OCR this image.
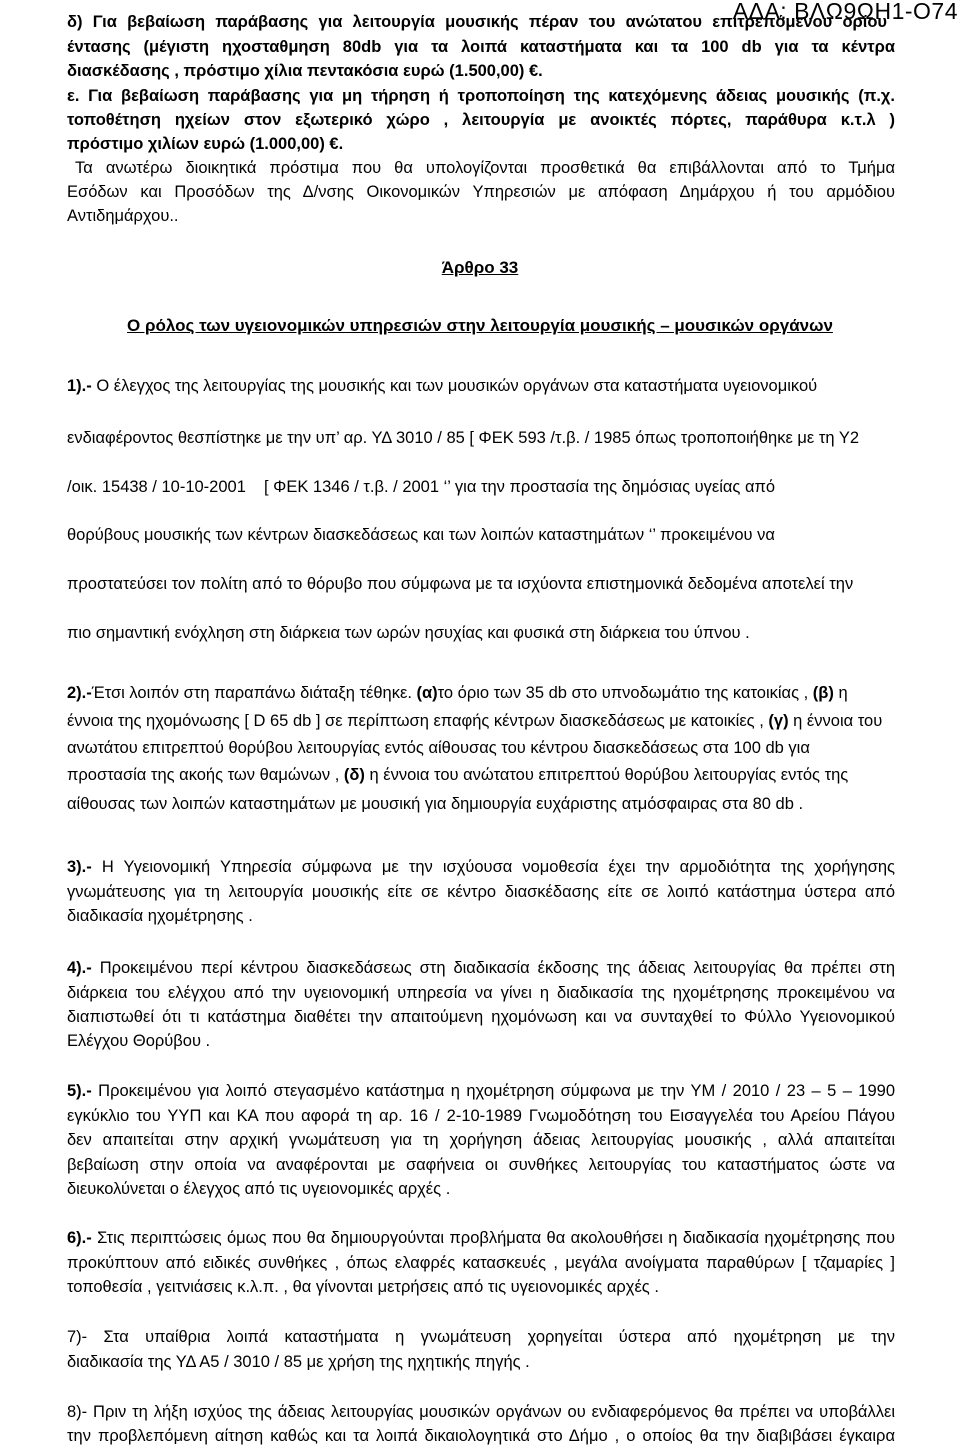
ΑΔΑ: ΒΛΩ9ΩΗ1-Ο74
δ) Για βεβαίωση παράβασης για λειτουργία μουσικής πέραν του ανώτατου επιτρεπόμενου ορίου
έντασης (μέγιστη ηχοσταθμηση 80db για τα λοιπά καταστήματα και τα 100 db για τα κέντρα
διασκέδασης , πρόστιμο χίλια πεντακόσια ευρώ (1.500,00) €.
ε. Για βεβαίωση παράβασης για μη τήρηση ή τροποποίηση της κατεχόμενης άδειας μουσικής (π.χ.
τοποθέτηση ηχείων στον εξωτερικό χώρο , λειτουργία με ανοικτές πόρτες, παράθυρα κ.τ.λ )
πρόστιμο χιλίων ευρώ (1.000,00) €.
Τα ανωτέρω διοικητικά πρόστιμα που θα υπολογίζονται προσθετικά θα επιβάλλονται από το Τμήμα
Εσόδων και Προσόδων της Δ/νσης Οικονομικών Υπηρεσιών με απόφαση Δημάρχου ή του αρμόδιου
Αντιδημάρχου..
Άρθρο 33
Ο ρόλος των υγειονομικών υπηρεσιών στην λειτουργία μουσικής – μουσικών οργάνων
1).- Ο έλεγχος της λειτουργίας της μουσικής και των μουσικών οργάνων στα καταστήματα υγειονομικού
ενδιαφέροντος θεσπίστηκε με την υπ’ αρ. ΥΔ 3010 / 85 [ ΦΕΚ 593 /τ.β. / 1985 όπως τροποποιήθηκε με τη Υ2
/οικ. 15438 / 10-10-2001	[ ΦΕΚ 1346 / τ.β. / 2001 ‘’ για την προστασία της δημόσιας υγείας από
θορύβους μουσικής των κέντρων διασκεδάσεως και των λοιπών καταστημάτων ‘’ προκειμένου να
προστατεύσει τον πολίτη από το θόρυβο που σύμφωνα με τα ισχύοντα επιστημονικά δεδομένα αποτελεί την
πιο σημαντική ενόχληση στη διάρκεια των ωρών ησυχίας και φυσικά στη διάρκεια του ύπνου .
2).-Έτσι λοιπόν στη παραπάνω διάταξη τέθηκε. (α)το όριο των 35 db στο υπνοδωμάτιο της κατοικίας , (β) η
έννοια της ηχομόνωσης [ D 65 db ] σε περίπτωση επαφής κέντρων διασκεδάσεως με κατοικίες , (γ) η έννοια του
ανωτάτου επιτρεπτού θορύβου λειτουργίας εντός αίθουσας του κέντρου διασκεδάσεως στα 100 db για
προστασία της ακοής των θαμώνων , (δ) η έννοια του ανώτατου επιτρεπτού θορύβου λειτουργίας εντός της
αίθουσας των λοιπών καταστημάτων με μουσική για δημιουργία ευχάριστης ατμόσφαιρας στα 80 db .
3).- Η Υγειονομική Υπηρεσία σύμφωνα με την ισχύουσα νομοθεσία έχει την αρμοδιότητα της χορήγησης
γνωμάτευσης για τη λειτουργία μουσικής είτε σε κέντρο διασκέδασης είτε σε λοιπό κατάστημα ύστερα από
διαδικασία ηχομέτρησης .
4).- Προκειμένου περί κέντρου διασκεδάσεως στη διαδικασία έκδοσης της άδειας λειτουργίας θα πρέπει στη
διάρκεια του ελέγχου από την υγειονομική υπηρεσία να γίνει η διαδικασία της ηχομέτρησης προκειμένου να
διαπιστωθεί ότι τι κατάστημα διαθέτει την απαιτούμενη ηχομόνωση και να συνταχθεί το Φύλλο Υγειονομικού
Ελέγχου Θορύβου .
5).- Προκειμένου για λοιπό στεγασμένο κατάστημα η ηχομέτρηση σύμφωνα με την ΥΜ / 2010 / 23 – 5 – 1990
εγκύκλιο του ΥΥΠ και ΚΑ που αφορά τη αρ. 16 / 2-10-1989 Γνωμοδότηση του Εισαγγελέα του Αρείου Πάγου
δεν απαιτείται στην αρχική γνωμάτευση για τη χορήγηση άδειας λειτουργίας μουσικής , αλλά απαιτείται
βεβαίωση στην οποία να αναφέρονται με σαφήνεια οι συνθήκες λειτουργίας του καταστήματος ώστε να
διευκολύνεται ο έλεγχος από τις υγειονομικές αρχές .
6).- Στις περιπτώσεις όμως που θα δημιουργούνται προβλήματα θα ακολουθήσει η διαδικασία ηχομέτρησης που
προκύπτουν από ειδικές συνθήκες , όπως ελαφρές κατασκευές , μεγάλα ανοίγματα παραθύρων [ τζαμαρίες ]
τοποθεσία , γειτνιάσεις κ.λ.π. , θα γίνονται μετρήσεις από τις υγειονομικές αρχές .
7)- Στα υπαίθρια λοιπά καταστήματα η γνωμάτευση χορηγείται ύστερα από ηχομέτρηση με την
διαδικασία της ΥΔ Α5 / 3010 / 85 με χρήση της ηχητικής πηγής .
8)- Πριν τη λήξη ισχύος της άδειας λειτουργίας μουσικών οργάνων ου ενδιαφερόμενος θα πρέπει να υποβάλλει
την προβλεπόμενη αίτηση καθώς και τα λοιπά δικαιολογητικά στο Δήμο , ο οποίος θα την διαβιβάσει έγκαιρα
